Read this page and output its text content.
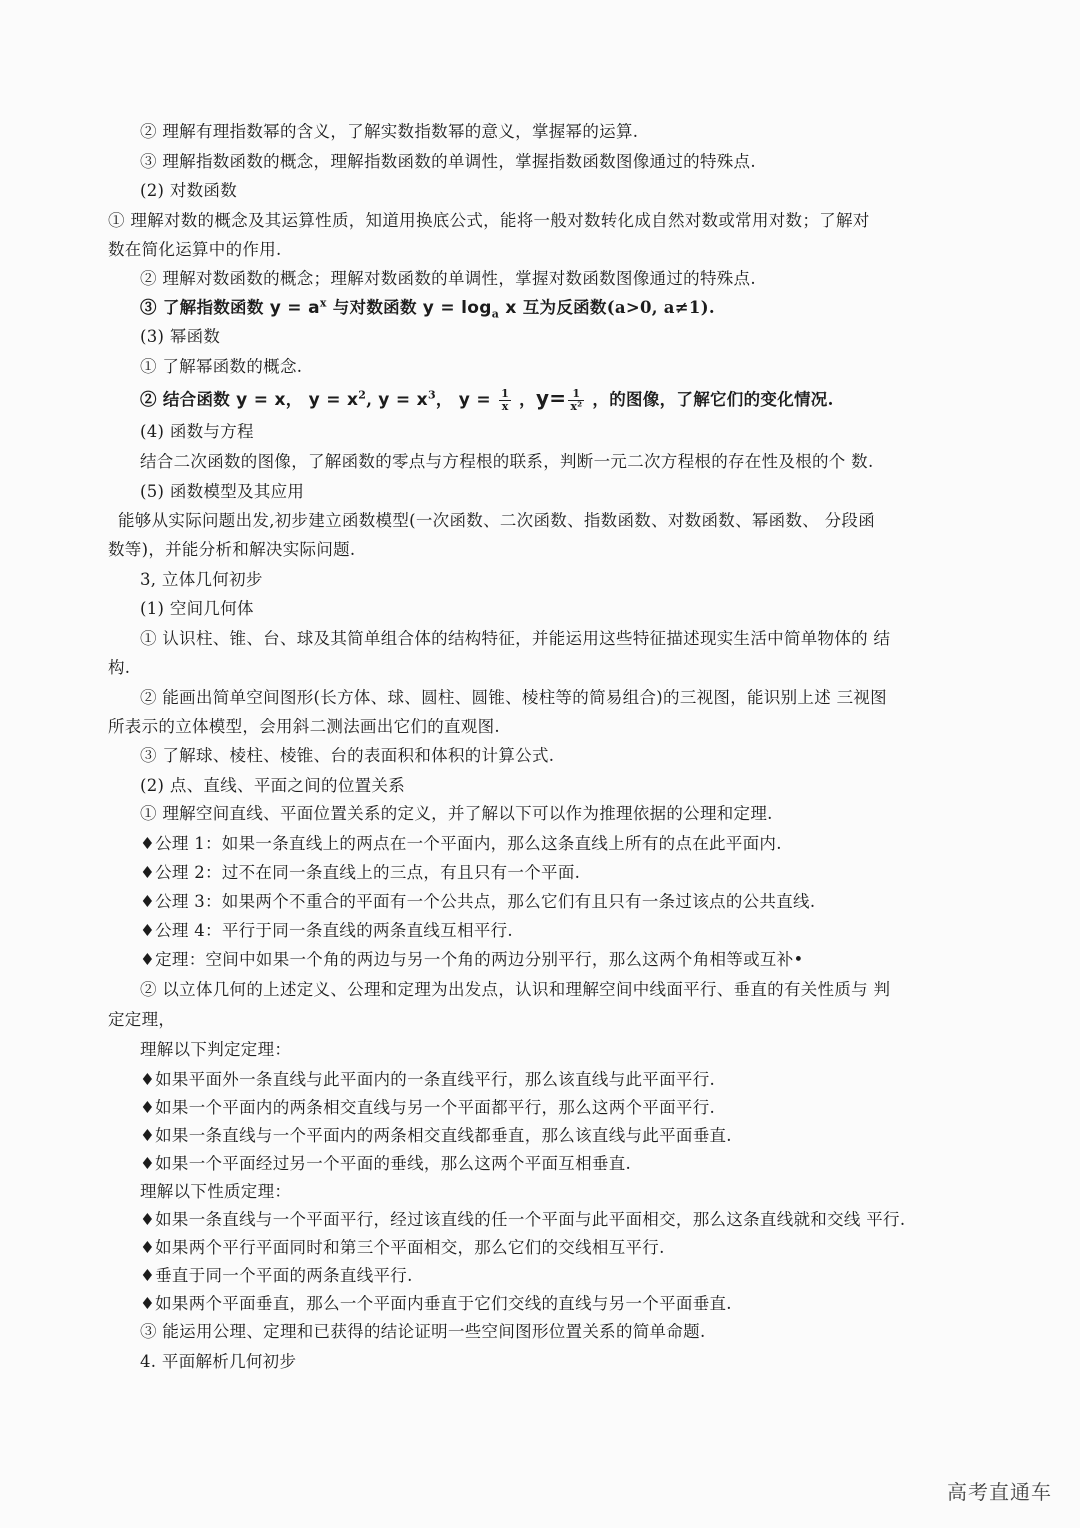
② 理解有理指数幂的含义，了解实数指数幂的意义，掌握幂的运算.
③ 理解指数函数的概念，理解指数函数的单调性，掌握指数函数图像通过的特殊点.
(2) 对数函数
① 理解对数的概念及其运算性质，知道用换底公式，能将一般对数转化成自然对数或常用对数；了解对
数在简化运算中的作用.
② 理解对数函数的概念；理解对数函数的单调性，掌握对数函数图像通过的特殊点.
(3) 幂函数
① 了解幂函数的概念.
(4) 函数与方程
结合二次函数的图像，了解函数的零点与方程根的联系，判断一元二次方程根的存在性及根的个 数.
(5) 函数模型及其应用
能够从实际问题出发,初步建立函数模型(一次函数、二次函数、指数函数、对数函数、幂函数、 分段函
数等)，并能分析和解决实际问题.
3, 立体几何初步
(1) 空间几何体
① 认识柱、锥、台、球及其简单组合体的结构特征，并能运用这些特征描述现实生活中简单物体的 结
构.
② 能画出简单空间图形(长方体、球、圆柱、圆锥、棱柱等的简易组合)的三视图，能识别上述 三视图
所表示的立体模型，会用斜二测法画出它们的直观图.
③ 了解球、棱柱、棱锥、台的表面积和体积的计算公式.
(2) 点、直线、平面之间的位置关系
① 理解空间直线、平面位置关系的定义，并了解以下可以作为推理依据的公理和定理.
♦公理 1：如果一条直线上的两点在一个平面内，那么这条直线上所有的点在此平面内.
♦公理 2：过不在同一条直线上的三点，有且只有一个平面.
♦公理 3：如果两个不重合的平面有一个公共点，那么它们有且只有一条过该点的公共直线.
♦公理 4：平行于同一条直线的两条直线互相平行.
♦定理：空间中如果一个角的两边与另一个角的两边分别平行，那么这两个角相等或互补•
② 以立体几何的上述定义、公理和定理为出发点，认识和理解空间中线面平行、垂直的有关性质与 判
定定理，
理解以下判定定理：
♦如果平面外一条直线与此平面内的一条直线平行，那么该直线与此平面平行.
♦如果一个平面内的两条相交直线与另一个平面都平行，那么这两个平面平行.
♦如果一条直线与一个平面内的两条相交直线都垂直，那么该直线与此平面垂直.
♦如果一个平面经过另一个平面的垂线，那么这两个平面互相垂直.
理解以下性质定理：
♦如果一条直线与一个平面平行，经过该直线的任一个平面与此平面相交，那么这条直线就和交线 平行.
♦如果两个平行平面同时和第三个平面相交，那么它们的交线相互平行.
♦垂直于同一个平面的两条直线平行.
♦如果两个平面垂直，那么一个平面内垂直于它们交线的直线与另一个平面垂直.
③ 能运用公理、定理和已获得的结论证明一些空间图形位置关系的简单命题.
4. 平面解析几何初步
③ 了解指数函数 $y = a^x$ 与对数函数 $y = \log_a x$ 互为反函数(a>0, a≠1).
② 结合函数 y = x， $y = x^2$, $y = x^3$， $y = \frac{1}{x}$ ，$y= \frac{1}{\text{x²}}$ ，的图像，了解它们的变化情况.
高考直通车
